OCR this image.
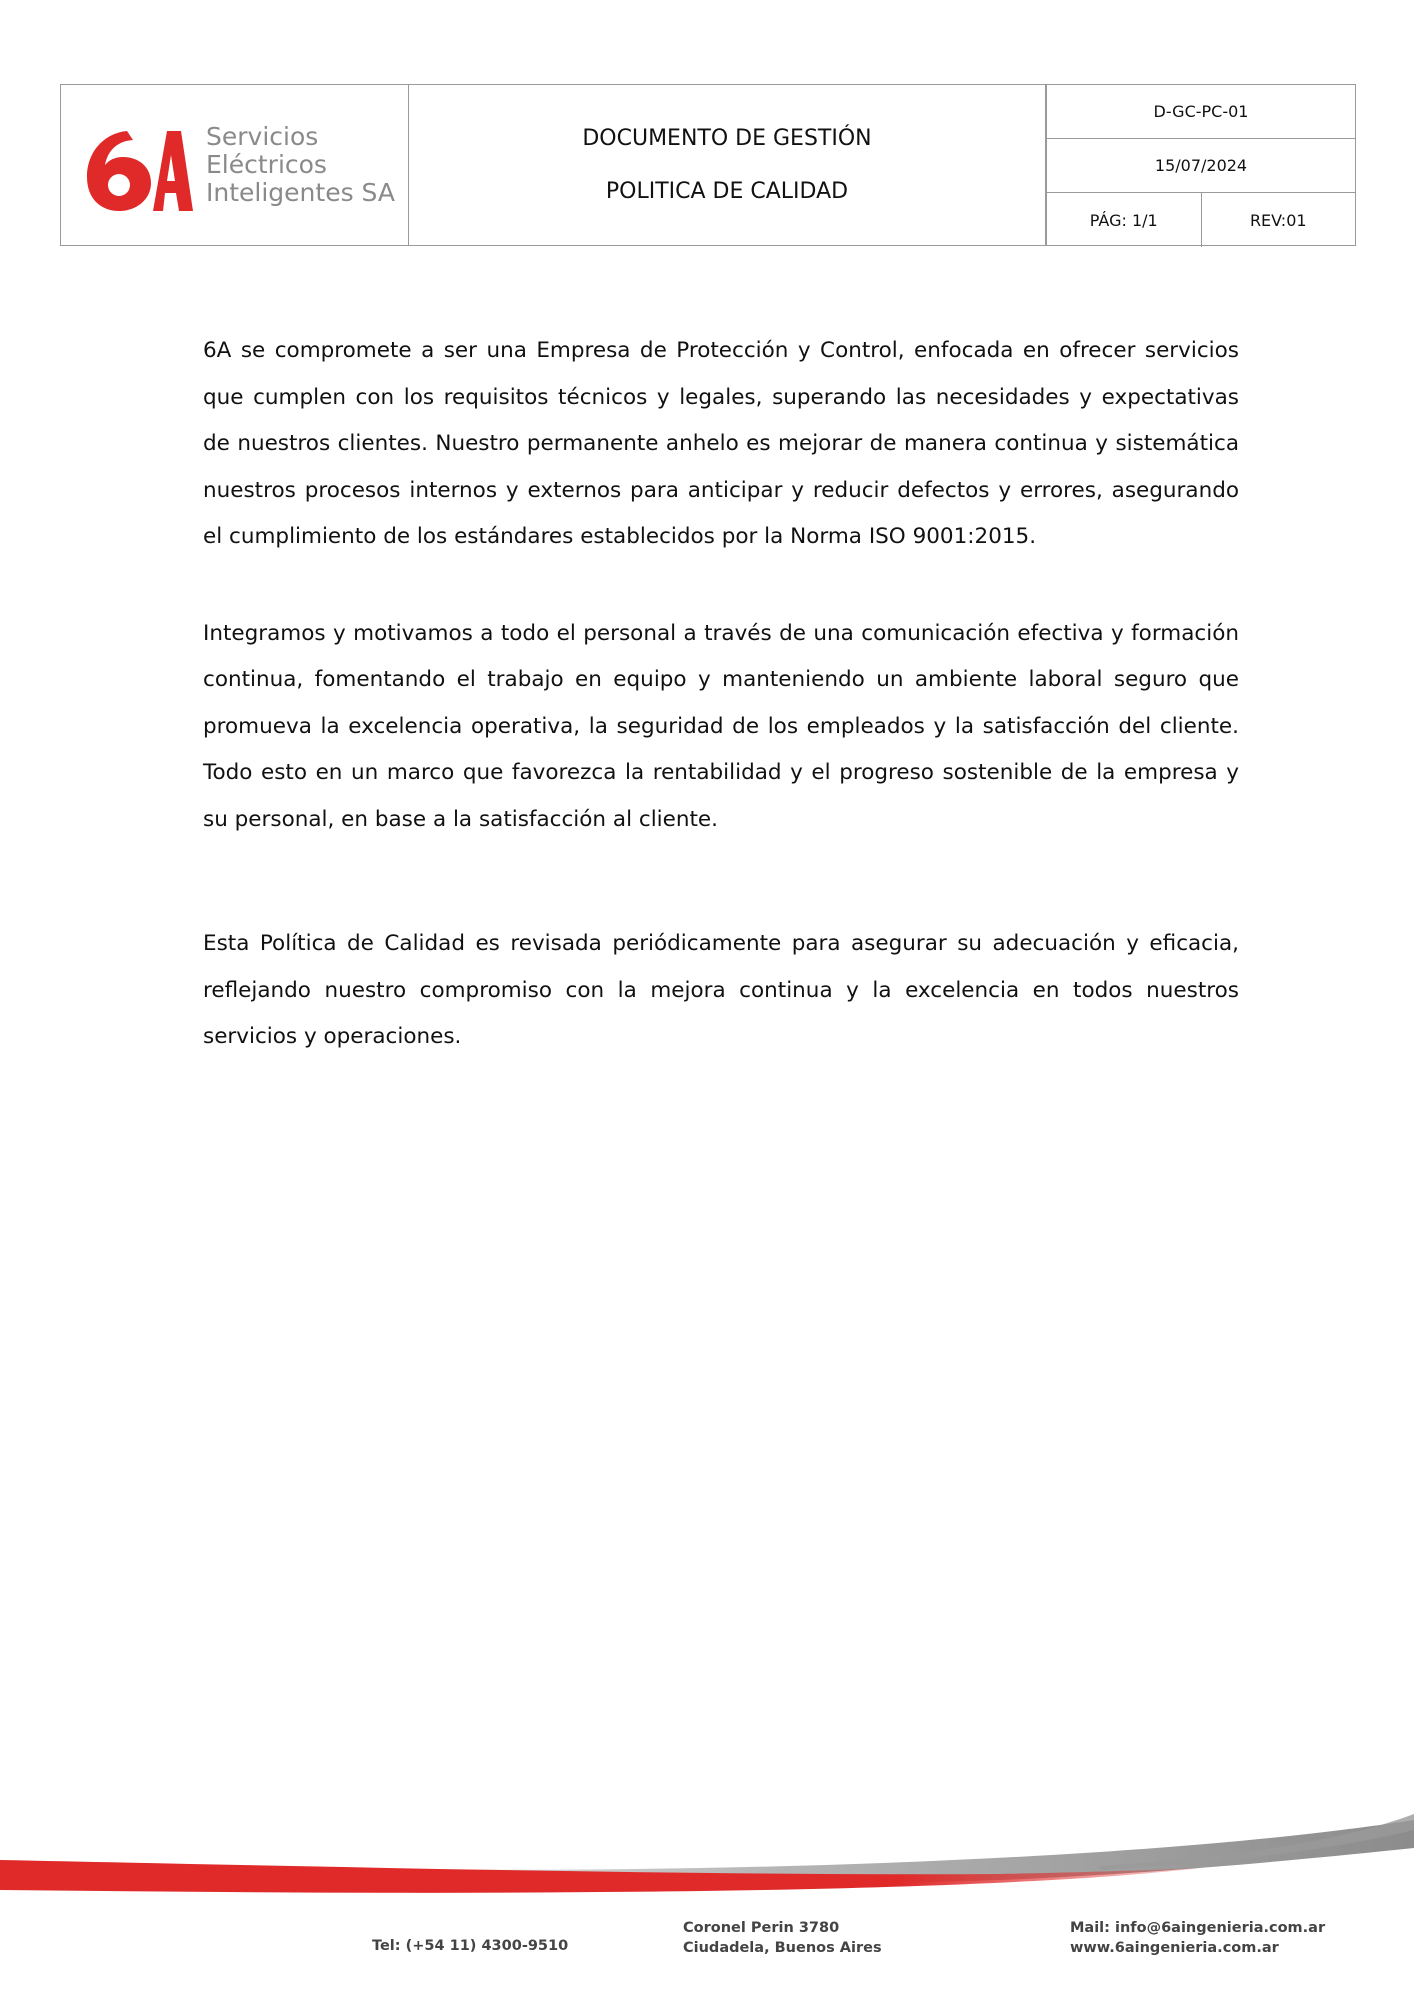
Servicios
Eléctricos
Inteligentes SA
DOCUMENTO DE GESTIÓN
POLITICA DE CALIDAD
D-GC-PC-01
15/07/2024
PÁG: 1/1	REV:01

6A se compromete a ser una Empresa de Protección y Control, enfocada en ofrecer servicios que cumplen con los requisitos técnicos y legales, superando las necesidades y expectativas de nuestros clientes. Nuestro permanente anhelo es mejorar de manera continua y sistemática nuestros procesos internos y externos para anticipar y reducir defectos y errores, asegurando el cumplimiento de los estándares establecidos por la Norma ISO 9001:2015.

Integramos y motivamos a todo el personal a través de una comunicación efectiva y formación continua, fomentando el trabajo en equipo y manteniendo un ambiente laboral seguro que promueva la excelencia operativa, la seguridad de los empleados y la satisfacción del cliente. Todo esto en un marco que favorezca la rentabilidad y el progreso sostenible de la empresa y su personal, en base a la satisfacción al cliente.

Esta Política de Calidad es revisada periódicamente para asegurar su adecuación y eficacia, reflejando nuestro compromiso con la mejora continua y la excelencia en todos nuestros servicios y operaciones.

Tel: (+54 11) 4300-9510
Coronel Perin 3780
Ciudadela, Buenos Aires
Mail: info@6aingenieria.com.ar
www.6aingenieria.com.ar
